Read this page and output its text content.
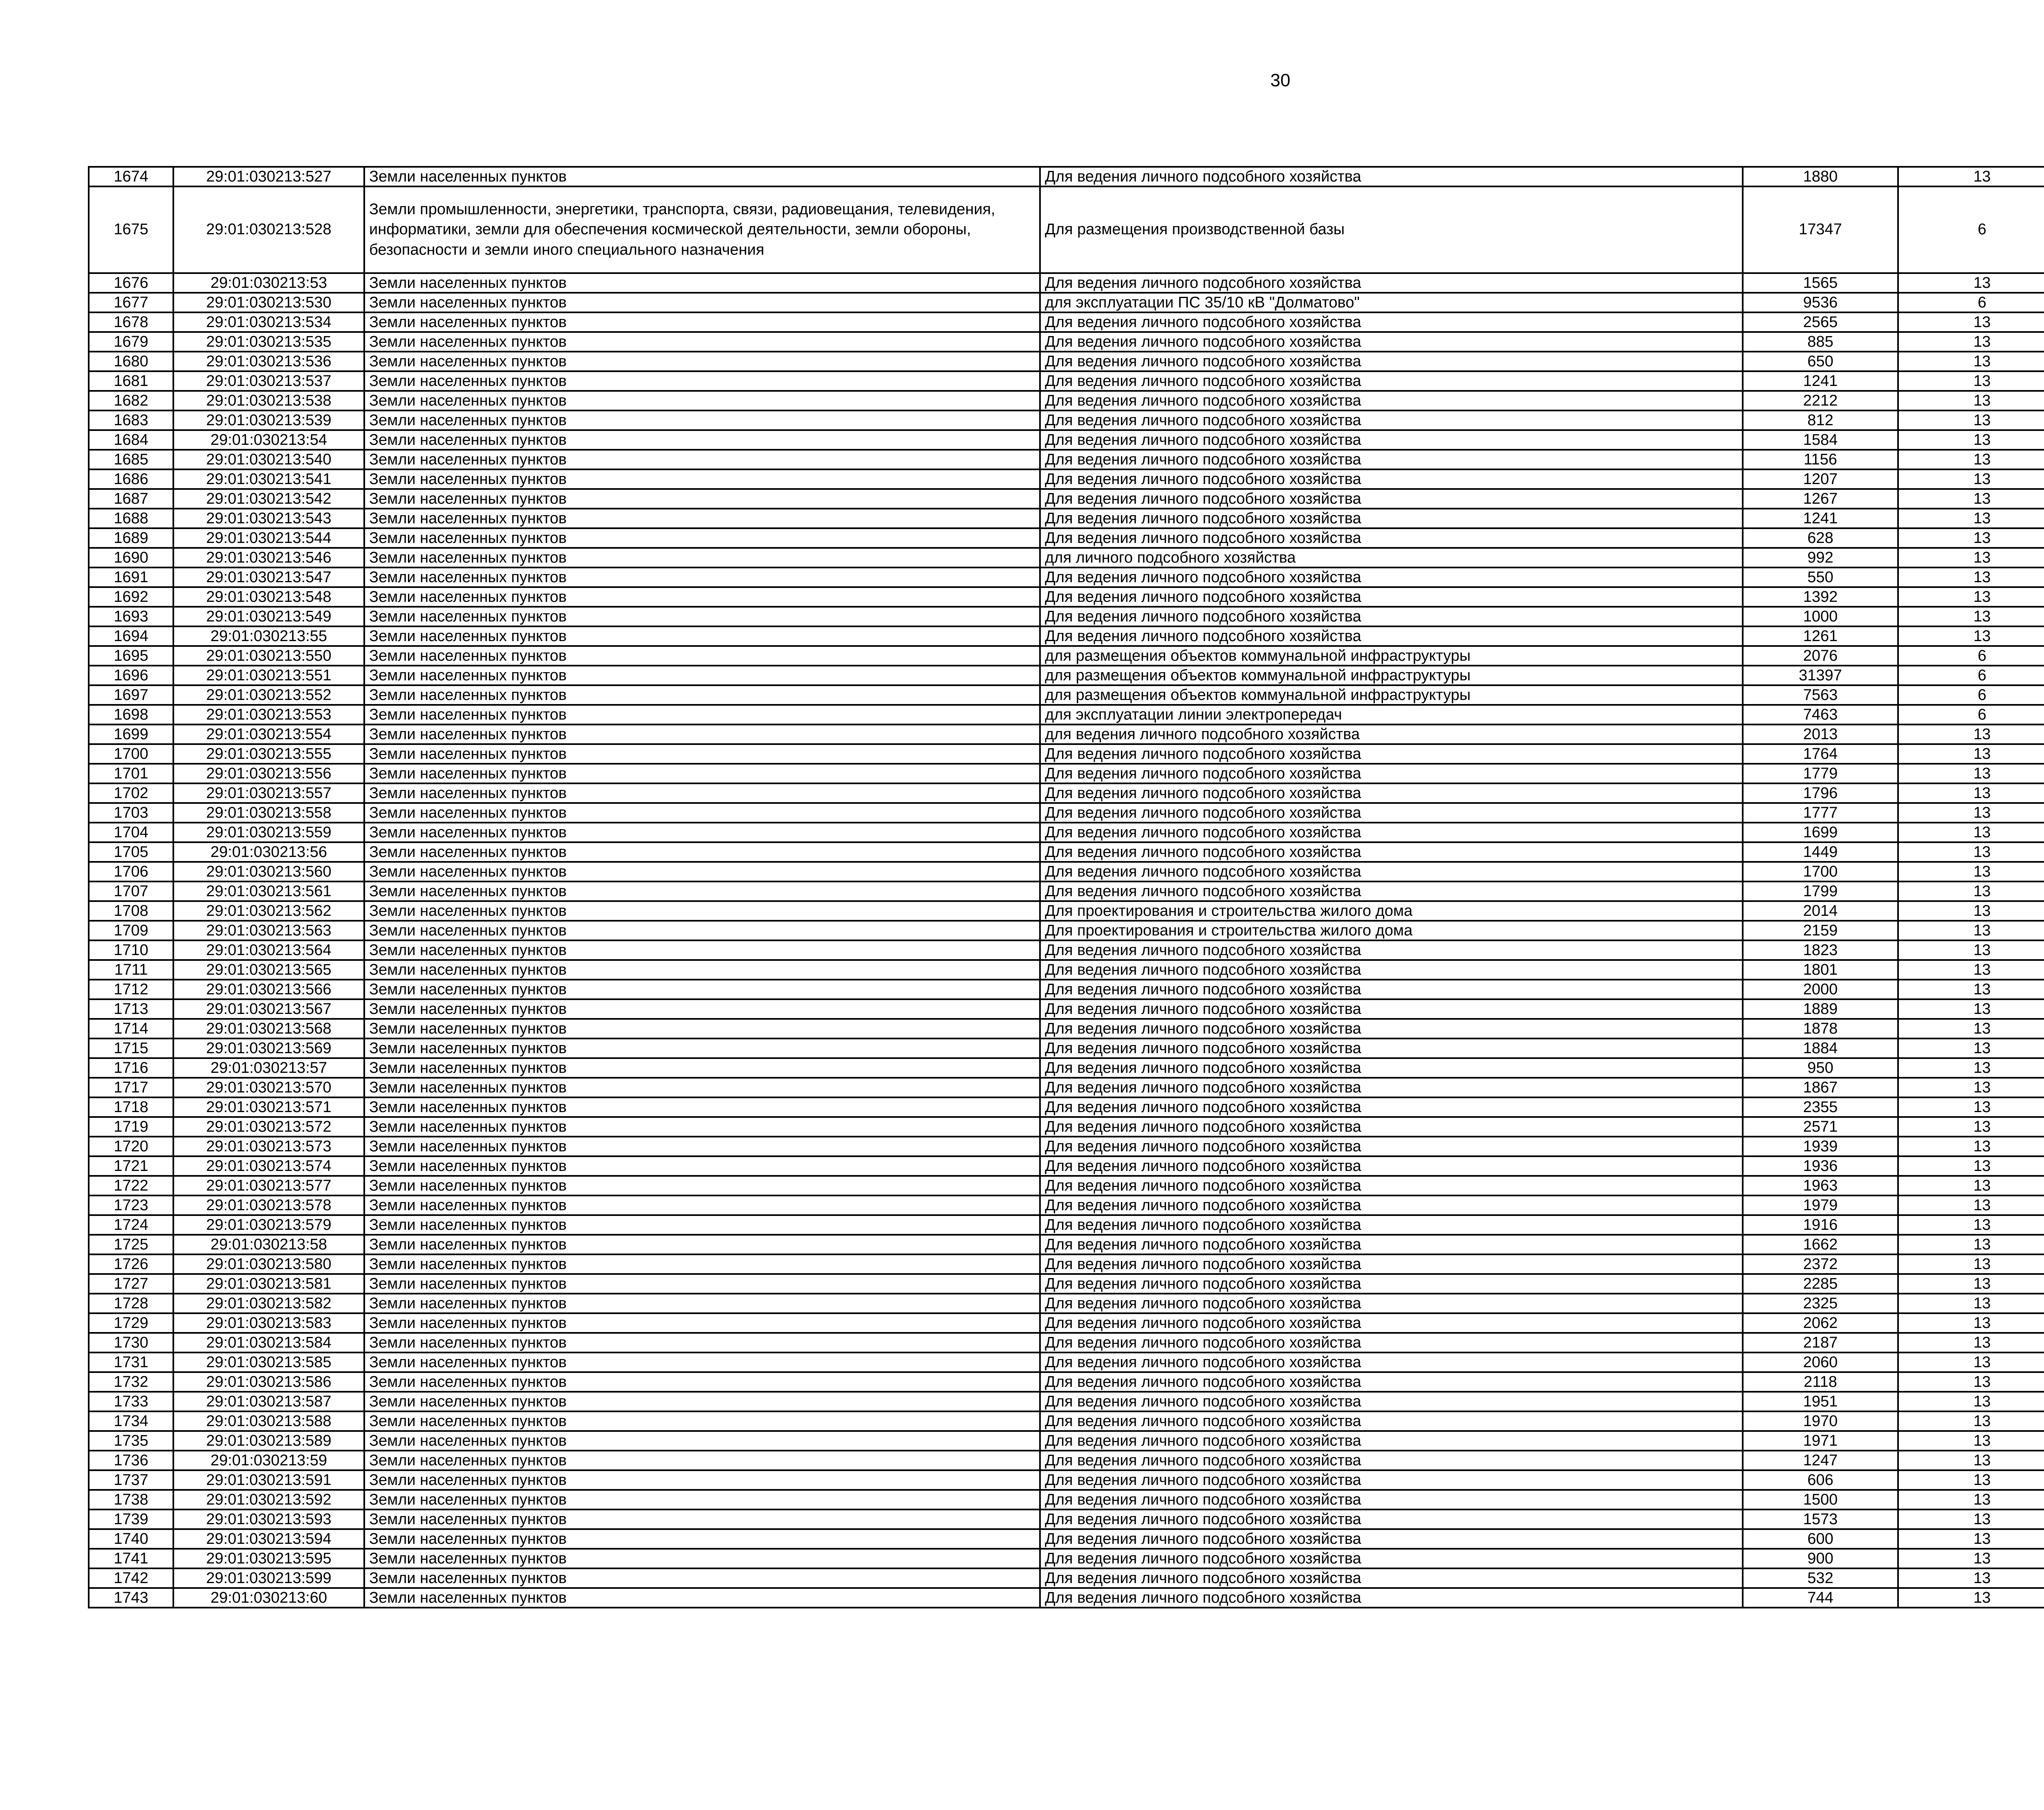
30
1674	29:01:030213:527	Земли населенных пунктов	Для ведения личного подсобного хозяйства	1880	13		
1675	29:01:030213:528	Земли промышленности, энергетики, транспорта, связи, радиовещания, телевидения, информатики, земли для обеспечения космической деятельности, земли обороны, безопасности и земли иного специального назначения	Для размещения производственной базы	17347	6		
1676	29:01:030213:53	Земли населенных пунктов	Для ведения личного подсобного хозяйства	1565	13		
1677	29:01:030213:530	Земли населенных пунктов	для эксплуатации ПС 35/10 кВ "Долматово"	9536	6		
1678	29:01:030213:534	Земли населенных пунктов	Для ведения личного подсобного хозяйства	2565	13		
1679	29:01:030213:535	Земли населенных пунктов	Для ведения личного подсобного хозяйства	885	13		
1680	29:01:030213:536	Земли населенных пунктов	Для ведения личного подсобного хозяйства	650	13		
1681	29:01:030213:537	Земли населенных пунктов	Для ведения личного подсобного хозяйства	1241	13		
1682	29:01:030213:538	Земли населенных пунктов	Для ведения личного подсобного хозяйства	2212	13		
1683	29:01:030213:539	Земли населенных пунктов	Для ведения личного подсобного хозяйства	812	13		
1684	29:01:030213:54	Земли населенных пунктов	Для ведения личного подсобного хозяйства	1584	13		
1685	29:01:030213:540	Земли населенных пунктов	Для ведения личного подсобного хозяйства	1156	13		
1686	29:01:030213:541	Земли населенных пунктов	Для ведения личного подсобного хозяйства	1207	13		
1687	29:01:030213:542	Земли населенных пунктов	Для ведения личного подсобного хозяйства	1267	13		
1688	29:01:030213:543	Земли населенных пунктов	Для ведения личного подсобного хозяйства	1241	13		
1689	29:01:030213:544	Земли населенных пунктов	Для ведения личного подсобного хозяйства	628	13		
1690	29:01:030213:546	Земли населенных пунктов	для личного подсобного хозяйства	992	13		
1691	29:01:030213:547	Земли населенных пунктов	Для ведения личного подсобного хозяйства	550	13		
1692	29:01:030213:548	Земли населенных пунктов	Для ведения личного подсобного хозяйства	1392	13		
1693	29:01:030213:549	Земли населенных пунктов	Для ведения личного подсобного хозяйства	1000	13		
1694	29:01:030213:55	Земли населенных пунктов	Для ведения личного подсобного хозяйства	1261	13		
1695	29:01:030213:550	Земли населенных пунктов	для размещения объектов коммунальной инфраструктуры	2076	6		
1696	29:01:030213:551	Земли населенных пунктов	для размещения объектов коммунальной инфраструктуры	31397	6		
1697	29:01:030213:552	Земли населенных пунктов	для размещения объектов коммунальной инфраструктуры	7563	6		
1698	29:01:030213:553	Земли населенных пунктов	для эксплуатации линии электропередач	7463	6		
1699	29:01:030213:554	Земли населенных пунктов	для ведения личного подсобного хозяйства	2013	13		
1700	29:01:030213:555	Земли населенных пунктов	Для ведения личного подсобного хозяйства	1764	13		
1701	29:01:030213:556	Земли населенных пунктов	Для ведения личного подсобного хозяйства	1779	13		
1702	29:01:030213:557	Земли населенных пунктов	Для ведения личного подсобного хозяйства	1796	13		
1703	29:01:030213:558	Земли населенных пунктов	Для ведения личного подсобного хозяйства	1777	13		
1704	29:01:030213:559	Земли населенных пунктов	Для ведения личного подсобного хозяйства	1699	13		
1705	29:01:030213:56	Земли населенных пунктов	Для ведения личного подсобного хозяйства	1449	13		
1706	29:01:030213:560	Земли населенных пунктов	Для ведения личного подсобного хозяйства	1700	13		
1707	29:01:030213:561	Земли населенных пунктов	Для ведения личного подсобного хозяйства	1799	13		
1708	29:01:030213:562	Земли населенных пунктов	Для проектирования и строительства жилого дома	2014	13		
1709	29:01:030213:563	Земли населенных пунктов	Для проектирования и строительства жилого дома	2159	13		
1710	29:01:030213:564	Земли населенных пунктов	Для ведения личного подсобного хозяйства	1823	13		
1711	29:01:030213:565	Земли населенных пунктов	Для ведения личного подсобного хозяйства	1801	13		
1712	29:01:030213:566	Земли населенных пунктов	Для ведения личного подсобного хозяйства	2000	13		
1713	29:01:030213:567	Земли населенных пунктов	Для ведения личного подсобного хозяйства	1889	13		
1714	29:01:030213:568	Земли населенных пунктов	Для ведения личного подсобного хозяйства	1878	13		
1715	29:01:030213:569	Земли населенных пунктов	Для ведения личного подсобного хозяйства	1884	13		
1716	29:01:030213:57	Земли населенных пунктов	Для ведения личного подсобного хозяйства	950	13		
1717	29:01:030213:570	Земли населенных пунктов	Для ведения личного подсобного хозяйства	1867	13		
1718	29:01:030213:571	Земли населенных пунктов	Для ведения личного подсобного хозяйства	2355	13		
1719	29:01:030213:572	Земли населенных пунктов	Для ведения личного подсобного хозяйства	2571	13		
1720	29:01:030213:573	Земли населенных пунктов	Для ведения личного подсобного хозяйства	1939	13		
1721	29:01:030213:574	Земли населенных пунктов	Для ведения личного подсобного хозяйства	1936	13		
1722	29:01:030213:577	Земли населенных пунктов	Для ведения личного подсобного хозяйства	1963	13		
1723	29:01:030213:578	Земли населенных пунктов	Для ведения личного подсобного хозяйства	1979	13		
1724	29:01:030213:579	Земли населенных пунктов	Для ведения личного подсобного хозяйства	1916	13		
1725	29:01:030213:58	Земли населенных пунктов	Для ведения личного подсобного хозяйства	1662	13		
1726	29:01:030213:580	Земли населенных пунктов	Для ведения личного подсобного хозяйства	2372	13		
1727	29:01:030213:581	Земли населенных пунктов	Для ведения личного подсобного хозяйства	2285	13		
1728	29:01:030213:582	Земли населенных пунктов	Для ведения личного подсобного хозяйства	2325	13		
1729	29:01:030213:583	Земли населенных пунктов	Для ведения личного подсобного хозяйства	2062	13		
1730	29:01:030213:584	Земли населенных пунктов	Для ведения личного подсобного хозяйства	2187	13		
1731	29:01:030213:585	Земли населенных пунктов	Для ведения личного подсобного хозяйства	2060	13		
1732	29:01:030213:586	Земли населенных пунктов	Для ведения личного подсобного хозяйства	2118	13		
1733	29:01:030213:587	Земли населенных пунктов	Для ведения личного подсобного хозяйства	1951	13		
1734	29:01:030213:588	Земли населенных пунктов	Для ведения личного подсобного хозяйства	1970	13		
1735	29:01:030213:589	Земли населенных пунктов	Для ведения личного подсобного хозяйства	1971	13		
1736	29:01:030213:59	Земли населенных пунктов	Для ведения личного подсобного хозяйства	1247	13		
1737	29:01:030213:591	Земли населенных пунктов	Для ведения личного подсобного хозяйства	606	13		
1738	29:01:030213:592	Земли населенных пунктов	Для ведения личного подсобного хозяйства	1500	13		
1739	29:01:030213:593	Земли населенных пунктов	Для ведения личного подсобного хозяйства	1573	13		
1740	29:01:030213:594	Земли населенных пунктов	Для ведения личного подсобного хозяйства	600	13		
1741	29:01:030213:595	Земли населенных пунктов	Для ведения личного подсобного хозяйства	900	13		
1742	29:01:030213:599	Земли населенных пунктов	Для ведения личного подсобного хозяйства	532	13		
1743	29:01:030213:60	Земли населенных пунктов	Для ведения личного подсобного хозяйства	744	13		
